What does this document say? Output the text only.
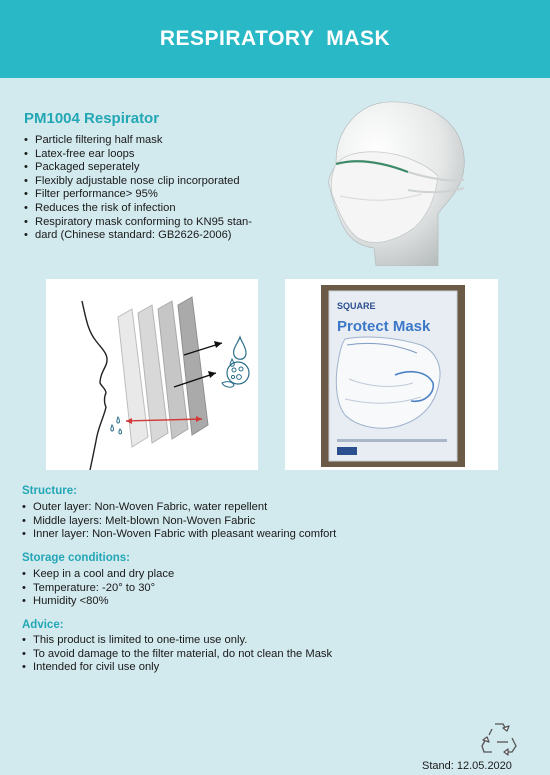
RESPIRATORY MASK
PM1004 Respirator
• Particle filtering half mask
• Latex-free ear loops
• Packaged seperately
• Flexibly adjustable nose clip incorporated
• Filter performance> 95%
• Reduces the risk of infection
• Respiratory mask conforming to KN95 stan-
• dard (Chinese standard: GB2626-2006)
SQUARE
Protect Mask
Structure:
• Outer layer: Non-Woven Fabric, water repellent
• Middle layers: Melt-blown Non-Woven Fabric
• Inner layer: Non-Woven Fabric with pleasant wearing comfort
Storage conditions:
• Keep in a cool and dry place
• Temperature: -20° to 30°
• Humidity <80%
Advice:
• This product is limited to one-time use only.
• To avoid damage to the filter material, do not clean the Mask
• Intended for civil use only
Stand: 12.05.2020
